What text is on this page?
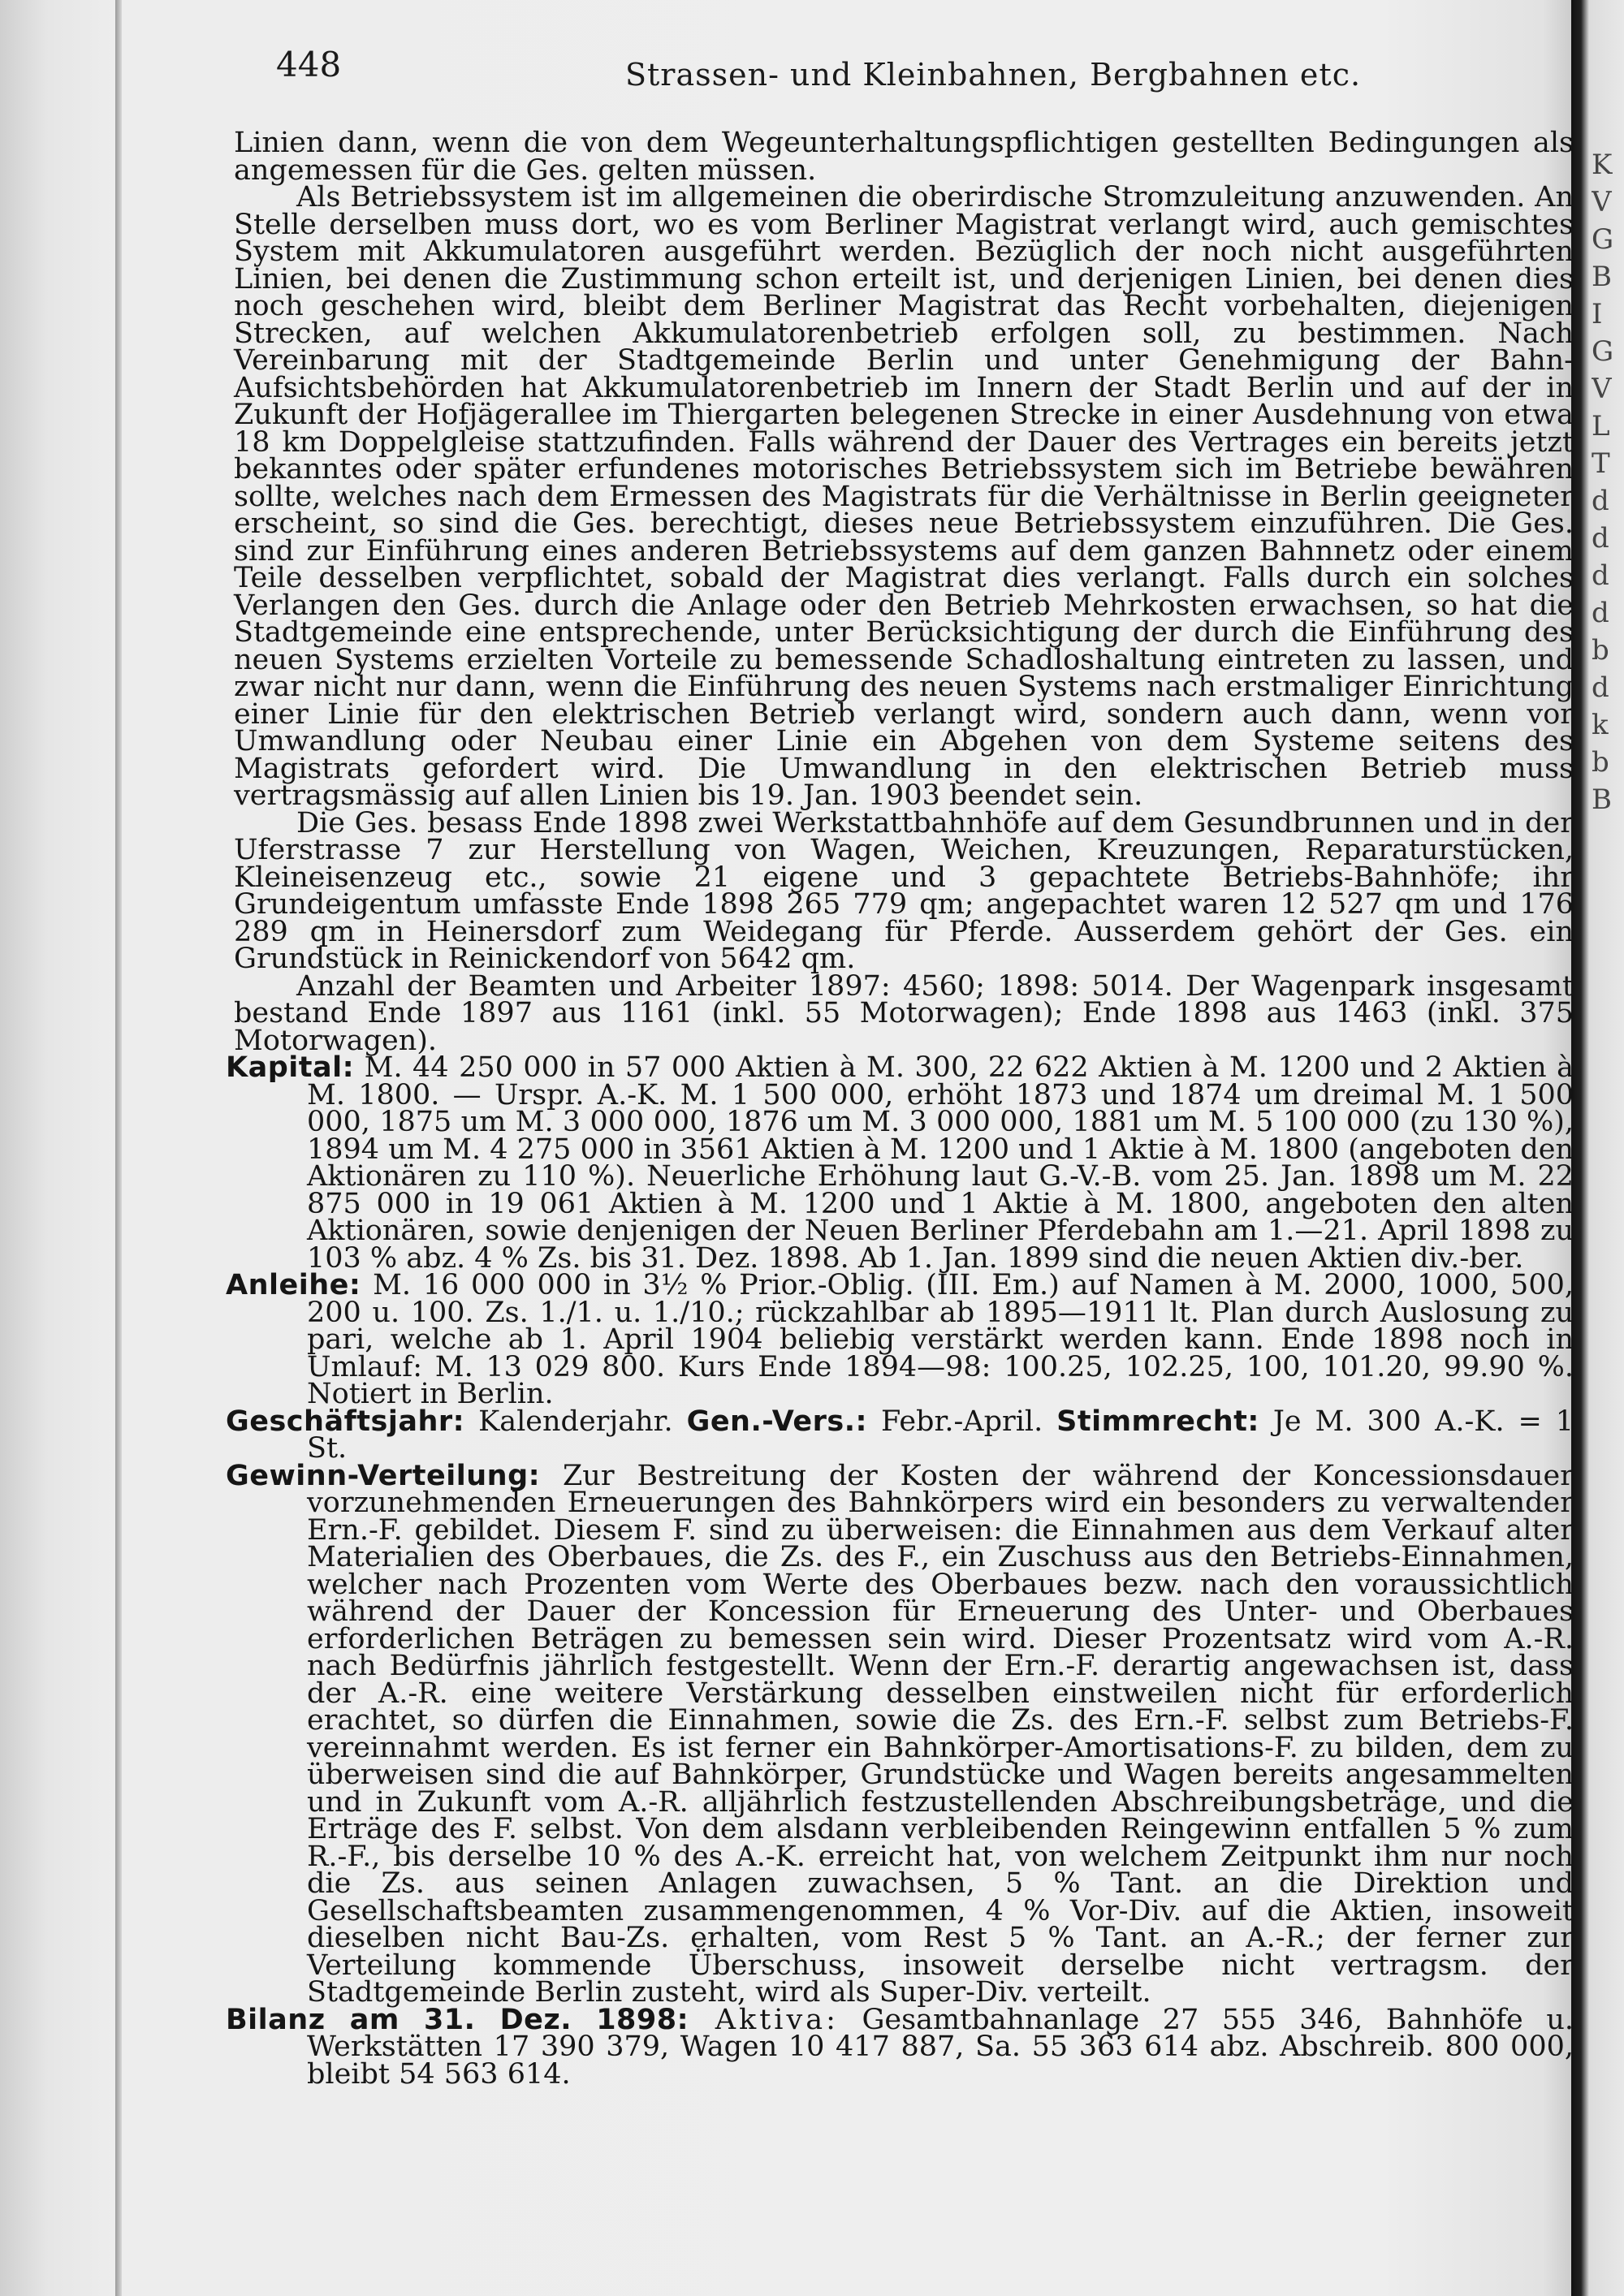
K
V
G
B
I
G
V
L
T
d
d
d
d
b
d
k
b
B
448	Strassen- und Kleinbahnen, Bergbahnen etc.

Linien dann, wenn die von dem Wegeunterhaltungspflichtigen gestellten Bedingungen als angemessen für die Ges. gelten müssen.

Als Betriebssystem ist im allgemeinen die oberirdische Stromzuleitung anzuwenden. An Stelle derselben muss dort, wo es vom Berliner Magistrat verlangt wird, auch gemischtes System mit Akkumulatoren ausgeführt werden. Bezüglich der noch nicht ausgeführten Linien, bei denen die Zustimmung schon erteilt ist, und derjenigen Linien, bei denen dies noch geschehen wird, bleibt dem Berliner Magistrat das Recht vorbehalten, diejenigen Strecken, auf welchen Akkumulatorenbetrieb erfolgen soll, zu bestimmen. Nach Vereinbarung mit der Stadtgemeinde Berlin und unter Genehmigung der Bahn-Aufsichtsbehörden hat Akkumulatorenbetrieb im Innern der Stadt Berlin und auf der in Zukunft der Hofjägerallee im Thiergarten belegenen Strecke in einer Ausdehnung von etwa 18 km Doppelgleise stattzufinden. Falls während der Dauer des Vertrages ein bereits jetzt bekanntes oder später erfundenes motorisches Betriebssystem sich im Betriebe bewähren sollte, welches nach dem Ermessen des Magistrats für die Verhältnisse in Berlin geeigneter erscheint, so sind die Ges. berechtigt, dieses neue Betriebssystem einzuführen. Die Ges. sind zur Einführung eines anderen Betriebssystems auf dem ganzen Bahnnetz oder einem Teile desselben verpflichtet, sobald der Magistrat dies verlangt. Falls durch ein solches Verlangen den Ges. durch die Anlage oder den Betrieb Mehrkosten erwachsen, so hat die Stadtgemeinde eine entsprechende, unter Berücksichtigung der durch die Einführung des neuen Systems erzielten Vorteile zu bemessende Schadloshaltung eintreten zu lassen, und zwar nicht nur dann, wenn die Einführung des neuen Systems nach erstmaliger Einrichtung einer Linie für den elektrischen Betrieb verlangt wird, sondern auch dann, wenn vor Umwandlung oder Neubau einer Linie ein Abgehen von dem Systeme seitens des Magistrats gefordert wird. Die Umwandlung in den elektrischen Betrieb muss vertragsmässig auf allen Linien bis 19. Jan. 1903 beendet sein.

Die Ges. besass Ende 1898 zwei Werkstattbahnhöfe auf dem Gesundbrunnen und in der Uferstrasse 7 zur Herstellung von Wagen, Weichen, Kreuzungen, Reparaturstücken, Kleineisenzeug etc., sowie 21 eigene und 3 gepachtete Betriebs-Bahnhöfe; ihr Grundeigentum umfasste Ende 1898 265 779 qm; angepachtet waren 12 527 qm und 176 289 qm in Heinersdorf zum Weidegang für Pferde. Ausserdem gehört der Ges. ein Grundstück in Reinickendorf von 5642 qm.

Anzahl der Beamten und Arbeiter 1897: 4560; 1898: 5014. Der Wagenpark insgesamt bestand Ende 1897 aus 1161 (inkl. 55 Motorwagen); Ende 1898 aus 1463 (inkl. 375 Motorwagen).

Kapital: M. 44 250 000 in 57 000 Aktien à M. 300, 22 622 Aktien à M. 1200 und 2 Aktien à M. 1800. — Urspr. A.-K. M. 1 500 000, erhöht 1873 und 1874 um dreimal M. 1 500 000, 1875 um M. 3 000 000, 1876 um M. 3 000 000, 1881 um M. 5 100 000 (zu 130 %), 1894 um M. 4 275 000 in 3561 Aktien à M. 1200 und 1 Aktie à M. 1800 (angeboten den Aktionären zu 110 %). Neuerliche Erhöhung laut G.-V.-B. vom 25. Jan. 1898 um M. 22 875 000 in 19 061 Aktien à M. 1200 und 1 Aktie à M. 1800, angeboten den alten Aktionären, sowie denjenigen der Neuen Berliner Pferdebahn am 1.—21. April 1898 zu 103 % abz. 4 % Zs. bis 31. Dez. 1898. Ab 1. Jan. 1899 sind die neuen Aktien div.-ber.

Anleihe: M. 16 000 000 in 3½ % Prior.-Oblig. (III. Em.) auf Namen à M. 2000, 1000, 500, 200 u. 100. Zs. 1./1. u. 1./10.; rückzahlbar ab 1895—1911 lt. Plan durch Auslosung zu pari, welche ab 1. April 1904 beliebig verstärkt werden kann. Ende 1898 noch in Umlauf: M. 13 029 800. Kurs Ende 1894—98: 100.25, 102.25, 100, 101.20, 99.90 %. Notiert in Berlin.

Geschäftsjahr: Kalenderjahr. Gen.-Vers.: Febr.-April. Stimmrecht: Je M. 300 A.-K. = 1 St.

Gewinn-Verteilung: Zur Bestreitung der Kosten der während der Koncessionsdauer vorzunehmenden Erneuerungen des Bahnkörpers wird ein besonders zu verwaltender Ern.-F. gebildet. Diesem F. sind zu überweisen: die Einnahmen aus dem Verkauf alter Materialien des Oberbaues, die Zs. des F., ein Zuschuss aus den Betriebs-Einnahmen, welcher nach Prozenten vom Werte des Oberbaues bezw. nach den voraussichtlich während der Dauer der Koncession für Erneuerung des Unter- und Oberbaues erforderlichen Beträgen zu bemessen sein wird. Dieser Prozentsatz wird vom A.-R. nach Bedürfnis jährlich festgestellt. Wenn der Ern.-F. derartig angewachsen ist, dass der A.-R. eine weitere Verstärkung desselben einstweilen nicht für erforderlich erachtet, so dürfen die Einnahmen, sowie die Zs. des Ern.-F. selbst zum Betriebs-F. vereinnahmt werden. Es ist ferner ein Bahnkörper-Amortisations-F. zu bilden, dem zu überweisen sind die auf Bahnkörper, Grundstücke und Wagen bereits angesammelten und in Zukunft vom A.-R. alljährlich festzustellenden Abschreibungsbeträge, und die Erträge des F. selbst. Von dem alsdann verbleibenden Reingewinn entfallen 5 % zum R.-F., bis derselbe 10 % des A.-K. erreicht hat, von welchem Zeitpunkt ihm nur noch die Zs. aus seinen Anlagen zuwachsen, 5 % Tant. an die Direktion und Gesellschaftsbeamten zusammengenommen, 4 % Vor-Div. auf die Aktien, insoweit dieselben nicht Bau-Zs. erhalten, vom Rest 5 % Tant. an A.-R.; der ferner zur Verteilung kommende Überschuss, insoweit derselbe nicht vertragsm. der Stadtgemeinde Berlin zusteht, wird als Super-Div. verteilt.

Bilanz am 31. Dez. 1898: Aktiva: Gesamtbahnanlage 27 555 346, Bahnhöfe u. Werkstätten 17 390 379, Wagen 10 417 887, Sa. 55 363 614 abz. Abschreib. 800 000, bleibt 54 563 614.
